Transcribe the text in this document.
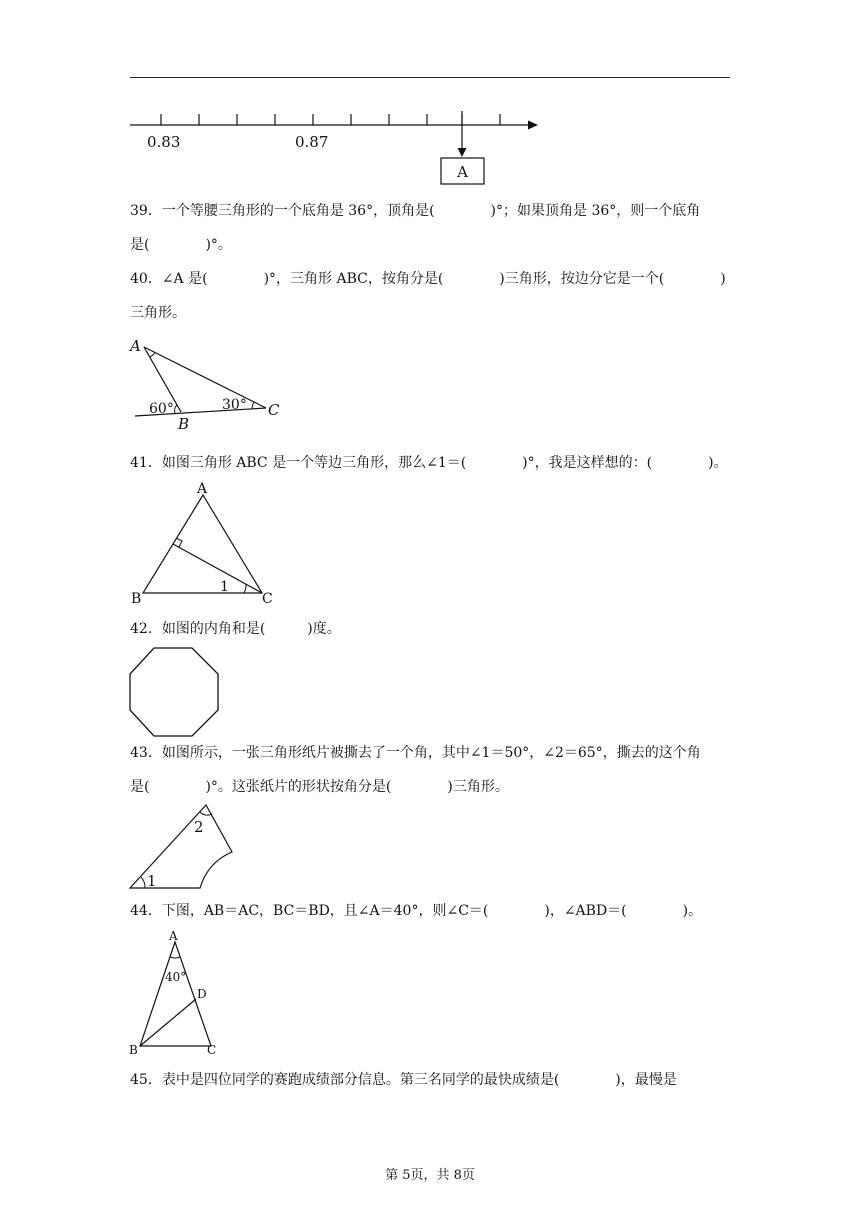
0.83	0.87
A
39．一个等腰三角形的一个底角是 36°，顶角是(　　　　)°；如果顶角是 36°，则一个底角
是(　　　　)°。
40．∠A 是(　　　　)°，三角形 ABC，按角分是(　　　　)三角形，按边分它是一个(　　　　)
三角形。
A
B
C
60°	30°
41．如图三角形 ABC 是一个等边三角形，那么∠1＝(　　　　)°，我是这样想的：(　　　　)。
A
B	C
1
42．如图的内角和是(　　　)度。
43．如图所示，一张三角形纸片被撕去了一个角，其中∠1＝50°，∠2＝65°，撕去的这个角
是(　　　　)°。这张纸片的形状按角分是(　　　　)三角形。
1
2
44．下图，AB＝AC，BC＝BD，且∠A＝40°，则∠C＝(　　　　)，∠ABD＝(　　　　)。
A
B	C
D
40°
45．表中是四位同学的赛跑成绩部分信息。第三名同学的最快成绩是(　　　　)，最慢是
第 5页，共 8页
